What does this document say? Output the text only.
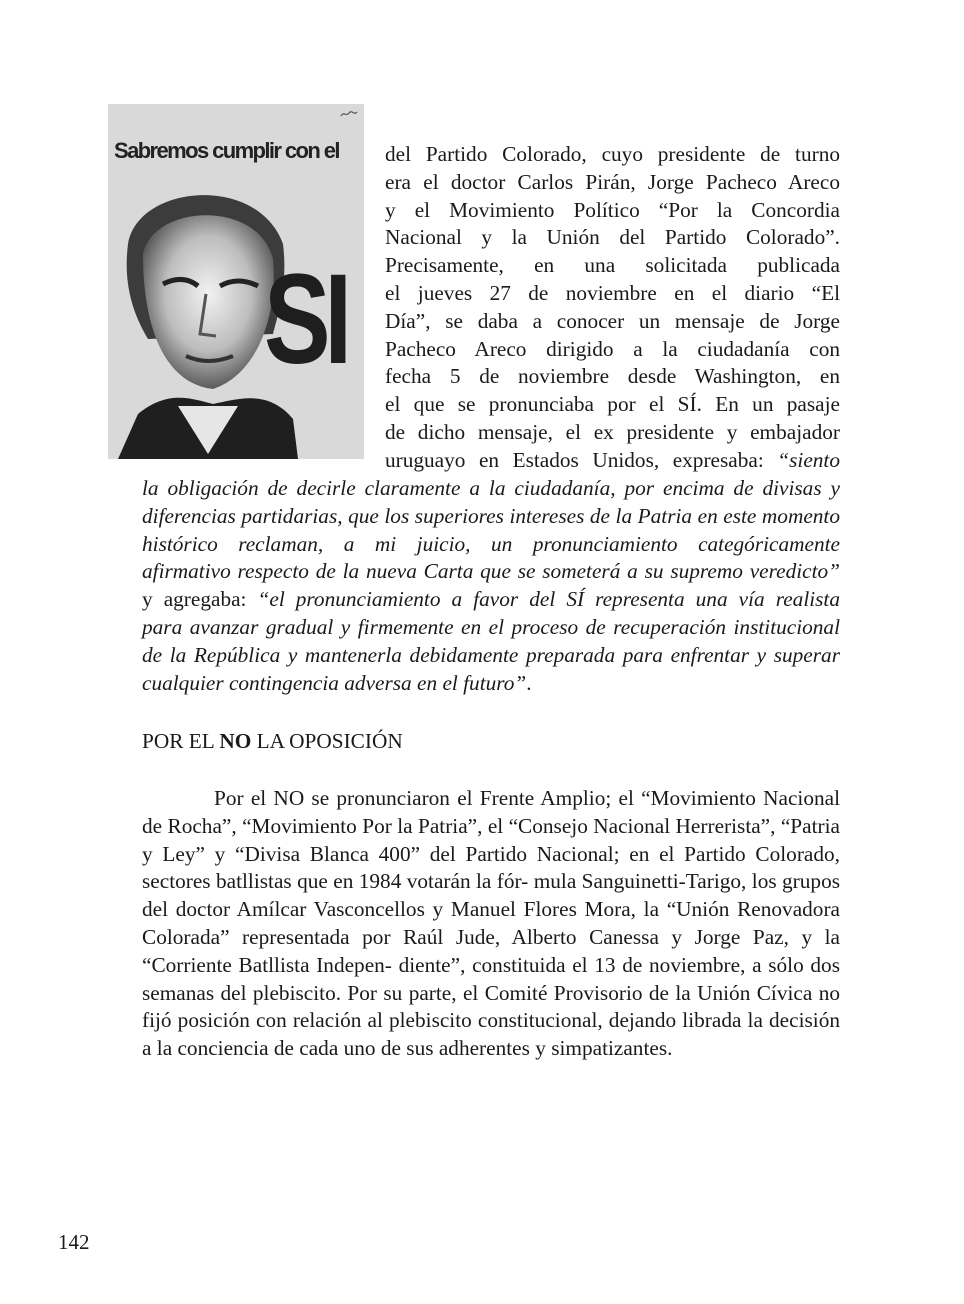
Sabremos cumplir con el
SI
del Partido Colorado, cuyo presidente de turno
era el doctor Carlos Pirán, Jorge Pacheco Areco
y el Movimiento Político “Por la Concordia
Nacional y la Unión del Partido Colorado”.
Precisamente, en una solicitada publicada
el jueves 27 de noviembre en el diario “El
Día”, se daba a conocer un mensaje de Jorge
Pacheco Areco dirigido a la ciudadanía con
fecha 5 de noviembre desde Washington, en
el que se pronunciaba por el SÍ. En un pasaje
de dicho mensaje, el ex presidente y embajador
uruguayo en Estados Unidos, expresaba: “siento
la obligación de decirle claramente a la ciudadanía, por encima de divisas y
diferencias partidarias, que los superiores intereses de la Patria en este momento
histórico reclaman, a mi juicio, un pronunciamiento categóricamente
afirmativo respecto de la nueva Carta que se someterá a su supremo veredicto”
y agregaba: “el pronunciamiento a favor del SÍ representa una vía realista
para avanzar gradual y firmemente en el proceso de recuperación institucional
de la República y mantenerla debidamente preparada para enfrentar y superar
cualquier contingencia adversa en el futuro”.
POR EL NO LA OPOSICIÓN
Por el NO se pronunciaron el Frente Amplio; el “Movimiento Nacional de Rocha”, “Movimiento Por la Patria”, el “Consejo Nacional Herrerista”, “Patria y Ley” y “Divisa Blanca 400” del Partido Nacional; en el Partido Colorado, sectores batllistas que en 1984 votarán la fór- mula Sanguinetti-Tarigo, los grupos del doctor Amílcar Vasconcellos y Manuel Flores Mora, la “Unión Renovadora Colorada” representada por Raúl Jude, Alberto Canessa y Jorge Paz, y la “Corriente Batllista Indepen- diente”, constituida el 13 de noviembre, a sólo dos semanas del plebiscito. Por su parte, el Comité Provisorio de la Unión Cívica no fijó posición con relación al plebiscito constitucional, dejando librada la decisión a la conciencia de cada uno de sus adherentes y simpatizantes.
142
